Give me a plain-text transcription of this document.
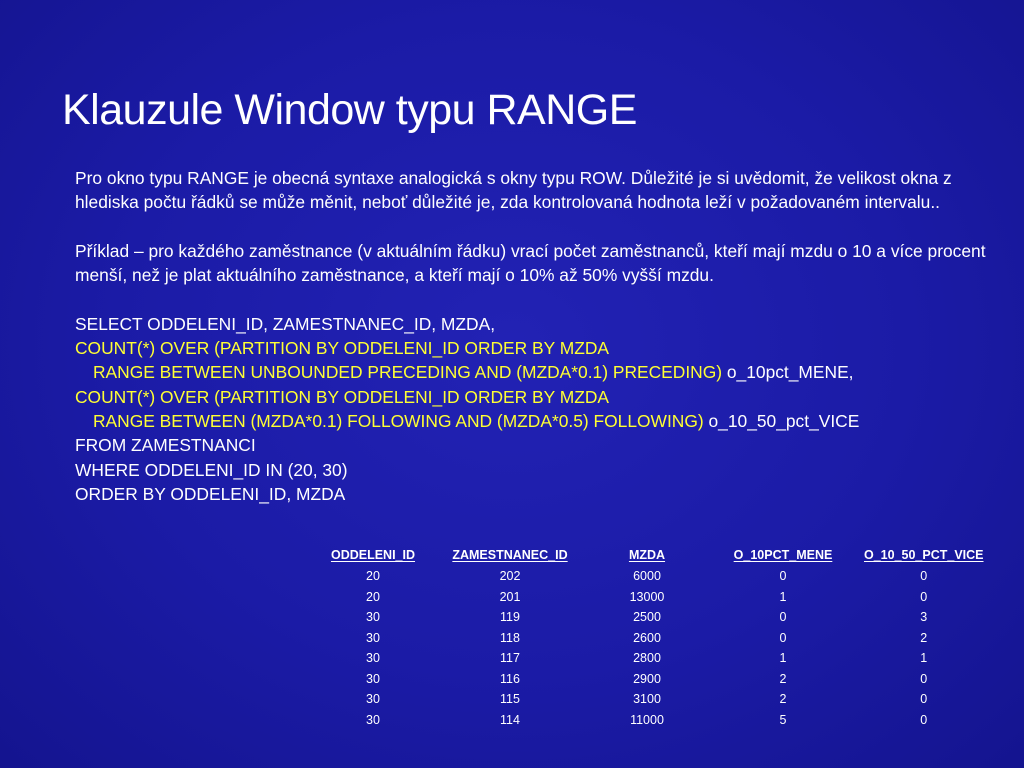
Klauzule Window typu RANGE

Pro okno typu RANGE je obecná syntaxe analogická s okny typu ROW. Důležité je si uvědomit, že velikost okna z hlediska počtu řádků se může měnit, neboť důležité je, zda kontrolovaná hodnota leží v požadovaném intervalu..

Příklad – pro každého zaměstnance (v aktuálním řádku) vrací počet zaměstnanců, kteří mají mzdu o 10 a více procent menší, než je plat aktuálního zaměstnance, a kteří mají o 10% až 50% vyšší mzdu.

SELECT ODDELENI_ID, ZAMESTNANEC_ID, MZDA,

COUNT(*) OVER (PARTITION BY ODDELENI_ID ORDER BY MZDA

RANGE BETWEEN UNBOUNDED PRECEDING AND (MZDA*0.1) PRECEDING) o_10pct_MENE,

COUNT(*) OVER (PARTITION BY ODDELENI_ID ORDER BY MZDA

RANGE BETWEEN (MZDA*0.1) FOLLOWING AND (MZDA*0.5) FOLLOWING) o_10_50_pct_VICE

FROM ZAMESTNANCI

WHERE ODDELENI_ID IN (20, 30)

ORDER BY ODDELENI_ID, MZDA

ODDELENI_ID	ZAMESTNANEC_ID	MZDA	O_10PCT_MENE	O_10_50_PCT_VICE
20	202	6000	0	0
20	201	13000	1	0
30	119	2500	0	3
30	118	2600	0	2
30	117	2800	1	1
30	116	2900	2	0
30	115	3100	2	0
30	114	11000	5	0
